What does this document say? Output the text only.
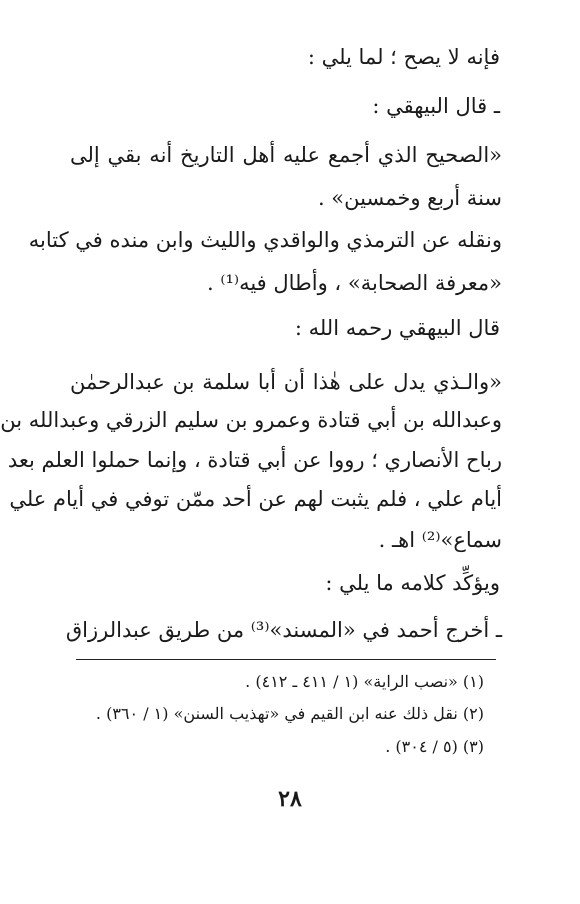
فإنه لا يصح ؛ لما يلي :
ـ قال البيهقي :
«الصحيح الذي أجمع عليه أهل التاريخ أنه بقي إلى
سنة أربع وخمسين» .
ونقله عن الترمذي والواقدي والليث وابن منده في كتابه
«معرفة الصحابة» ، وأطال فيه⁽¹⁾ .
قال البيهقي رحمه الله :
«والـذي يدل على هٰذا أن أبا سلمة بن عبدالرحمٰن
وعبدالله بن أبي قتادة وعمرو بن سليم الزرقي وعبدالله بن
رباح الأنصاري ؛ رووا عن أبي قتادة ، وإنما حملوا العلم بعد
أيام علي ، فلم يثبت لهم عن أحد ممّن توفي في أيام علي
سماع»⁽²⁾ اهـ .
ويؤكِّد كلامه ما يلي :
ـ أخرج أحمد في «المسند»⁽³⁾ من طريق عبدالرزاق
(١) «نصب الراية» (١ / ٤١١ ـ ٤١٢) .
(٢) نقل ذلك عنه ابن القيم في «تهذيب السنن» (١ / ٣٦٠) .
(٣) (٥ / ٣٠٤) .
٢٨
